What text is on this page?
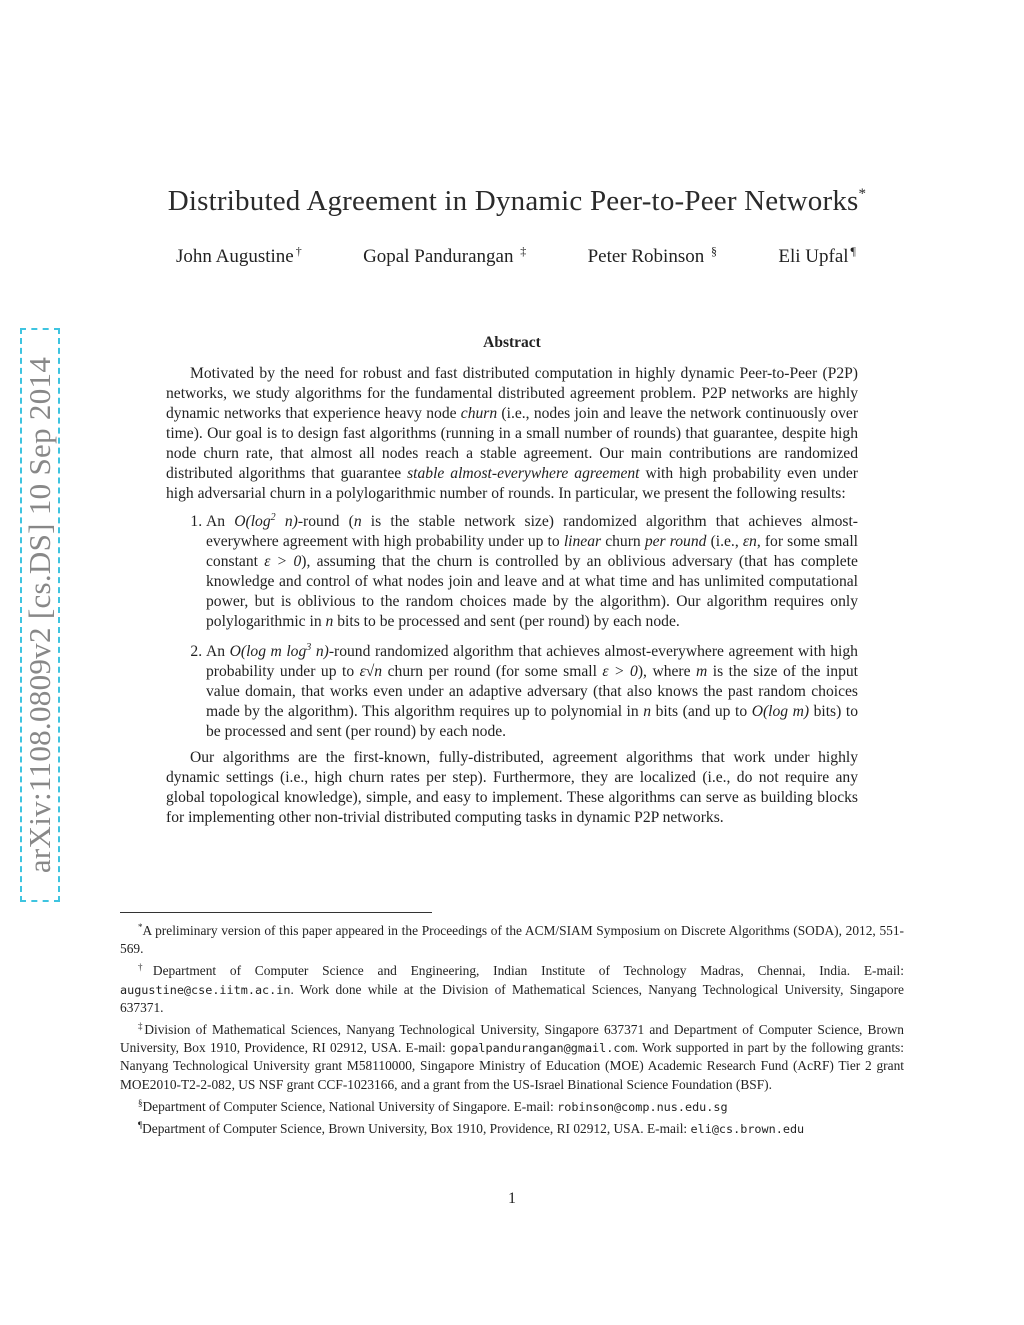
arXiv:1108.0809v2 [cs.DS] 10 Sep 2014
Distributed Agreement in Dynamic Peer-to-Peer Networks*
John Augustine †	Gopal Pandurangan ‡	Peter Robinson §	Eli Upfal ¶
Abstract

Motivated by the need for robust and fast distributed computation in highly dynamic Peer-to-Peer (P2P) networks, we study algorithms for the fundamental distributed agreement problem. P2P networks are highly dynamic networks that experience heavy node churn (i.e., nodes join and leave the network continuously over time). Our goal is to design fast algorithms (running in a small number of rounds) that guarantee, despite high node churn rate, that almost all nodes reach a stable agreement. Our main contributions are randomized distributed algorithms that guarantee stable almost-everywhere agreement with high probability even under high adversarial churn in a polylogarithmic number of rounds. In particular, we present the following results:

1. An $O(\log^2$ n)-round (n is the stable network size) randomized algorithm that achieves almost-everywhere agreement with high probability under up to linear churn per round (i.e., εn, for some small constant ε > 0), assuming that the churn is controlled by an oblivious adversary (that has complete knowledge and control of what nodes join and leave and at what time and has unlimited computational power, but is oblivious to the random choices made by the algorithm). Our algorithm requires only polylogarithmic in n bits to be processed and sent (per round) by each node.
2. An O(log m $\log^3$ n)-round randomized algorithm that achieves almost-everywhere agreement with high probability under up to ε√n churn per round (for some small ε > 0), where m is the size of the input value domain, that works even under an adaptive adversary (that also knows the past random choices made by the algorithm). This algorithm requires up to polynomial in n bits (and up to O(log m) bits) to be processed and sent (per round) by each node.

Our algorithms are the first-known, fully-distributed, agreement algorithms that work under highly dynamic settings (i.e., high churn rates per step). Furthermore, they are localized (i.e., do not require any global topological knowledge), simple, and easy to implement. These algorithms can serve as building blocks for implementing other non-trivial distributed computing tasks in dynamic P2P networks.

*A preliminary version of this paper appeared in the Proceedings of the ACM/SIAM Symposium on Discrete Algorithms (SODA), 2012, 551-569.

†Department of Computer Science and Engineering, Indian Institute of Technology Madras, Chennai, India. E-mail: augustine@cse.iitm.ac.in. Work done while at the Division of Mathematical Sciences, Nanyang Technological University, Singapore 637371.

‡Division of Mathematical Sciences, Nanyang Technological University, Singapore 637371 and Department of Computer Science, Brown University, Box 1910, Providence, RI 02912, USA. E-mail: gopalpandurangan@gmail.com. Work supported in part by the following grants: Nanyang Technological University grant M58110000, Singapore Ministry of Education (MOE) Academic Research Fund (AcRF) Tier 2 grant MOE2010-T2-2-082, US NSF grant CCF-1023166, and a grant from the US-Israel Binational Science Foundation (BSF).

§Department of Computer Science, National University of Singapore. E-mail: robinson@comp.nus.edu.sg

¶Department of Computer Science, Brown University, Box 1910, Providence, RI 02912, USA. E-mail: eli@cs.brown.edu

1
